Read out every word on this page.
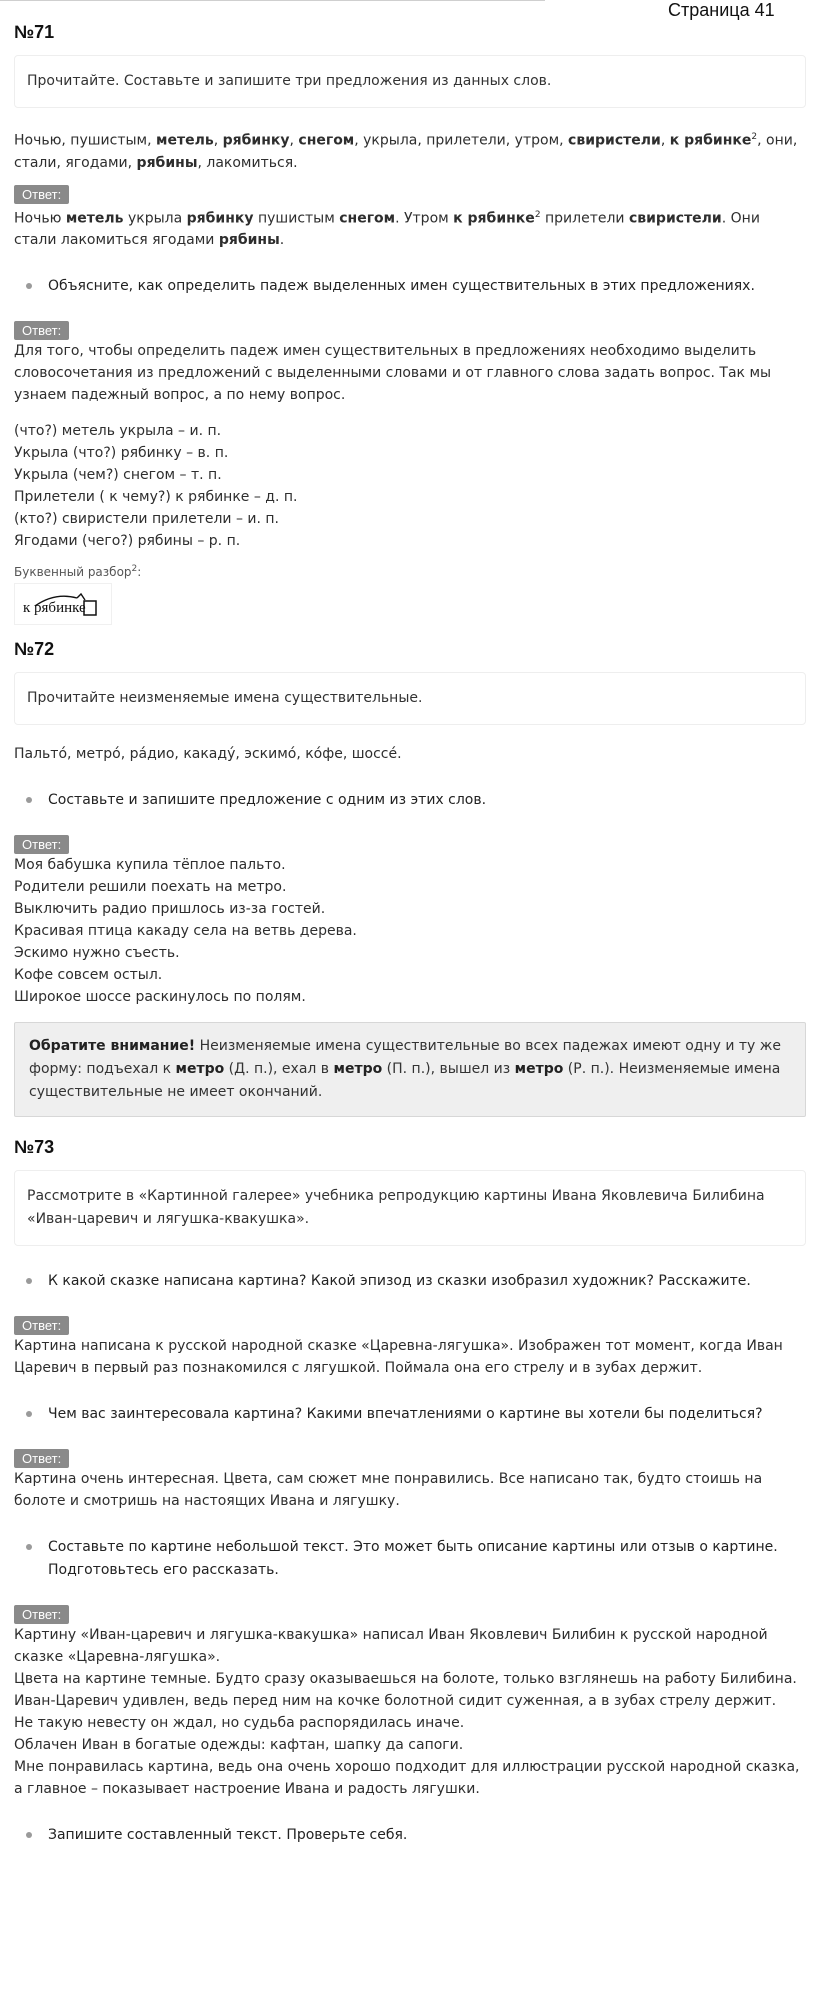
Страница 41
№71
Прочитайте. Составьте и запишите три предложения из данных слов.

Ночью, пушистым, метель, рябинку, снегом, укрыла, прилетели, утром, свиристели, к рябинке$^2$, они, стали, ягодами, рябины, лакомиться.

Ответ:

Ночью метель укрыла рябинку пушистым снегом. Утром к рябинке$^2$ прилетели свиристели. Они стали лакомиться ягодами рябины.

Объясните, как определить падеж выделенных имен существительных в этих предложениях.
Ответ:

Для того, чтобы определить падеж имен существительных в предложениях необходимо выделить словосочетания из предложений с выделенными словами и от главного слова задать вопрос. Так мы узнаем падежный вопрос, а по нему вопрос.

(что?) метель укрыла – и. п.

Укрыла (что?) рябинку – в. п.

Укрыла (чем?) снегом – т. п.

Прилетели ( к чему?) к рябинке – д. п.

(кто?) свиристели прилетели – и. п.

Ягодами (чего?) рябины – р. п.

Буквенный разбор$^2$:
к рябинке
№72
Прочитайте неизменяемые имена существительные.

Пальто́, метро́, ра́дио, какаду́, эскимо́, ко́фе, шоссе́.

Составьте и запишите предложение с одним из этих слов.
Ответ:

Моя бабушка купила тёплое пальто.

Родители решили поехать на метро.

Выключить радио пришлось из-за гостей.

Красивая птица какаду села на ветвь дерева.

Эскимо нужно съесть.

Кофе совсем остыл.

Широкое шоссе раскинулось по полям.

Обратите внимание! Неизменяемые имена существительные во всех падежах имеют одну и ту же форму: подъехал к метро (Д. п.), ехал в метро (П. п.), вышел из метро (Р. п.). Неизменяемые имена существительные не имеет окончаний.
№73
Рассмотрите в «Картинной галерее» учебника репродукцию картины Ивана Яковлевича Билибина «Иван-царевич и лягушка-квакушка».
К какой сказке написана картина? Какой эпизод из сказки изобразил художник? Расскажите.
Ответ:

Картина написана к русской народной сказке «Царевна-лягушка». Изображен тот момент, когда Иван Царевич в первый раз познакомился с лягушкой. Поймала она его стрелу и в зубах держит.

Чем вас заинтересовала картина? Какими впечатлениями о картине вы хотели бы поделиться?
Ответ:

Картина очень интересная. Цвета, сам сюжет мне понравились. Все написано так, будто стоишь на болоте и смотришь на настоящих Ивана и лягушку.

Составьте по картине небольшой текст. Это может быть описание картины или отзыв о картине. Подготовьтесь его рассказать.
Ответ:

Картину «Иван-царевич и лягушка-квакушка» написал Иван Яковлевич Билибин к русской народной сказке «Царевна-лягушка».

Цвета на картине темные. Будто сразу оказываешься на болоте, только взглянешь на работу Билибина.

Иван-Царевич удивлен, ведь перед ним на кочке болотной сидит суженная, а в зубах стрелу держит.

Не такую невесту он ждал, но судьба распорядилась иначе.

Облачен Иван в богатые одежды: кафтан, шапку да сапоги.

Мне понравилась картина, ведь она очень хорошо подходит для иллюстрации русской народной сказка, а главное – показывает настроение Ивана и радость лягушки.

Запишите составленный текст. Проверьте себя.
